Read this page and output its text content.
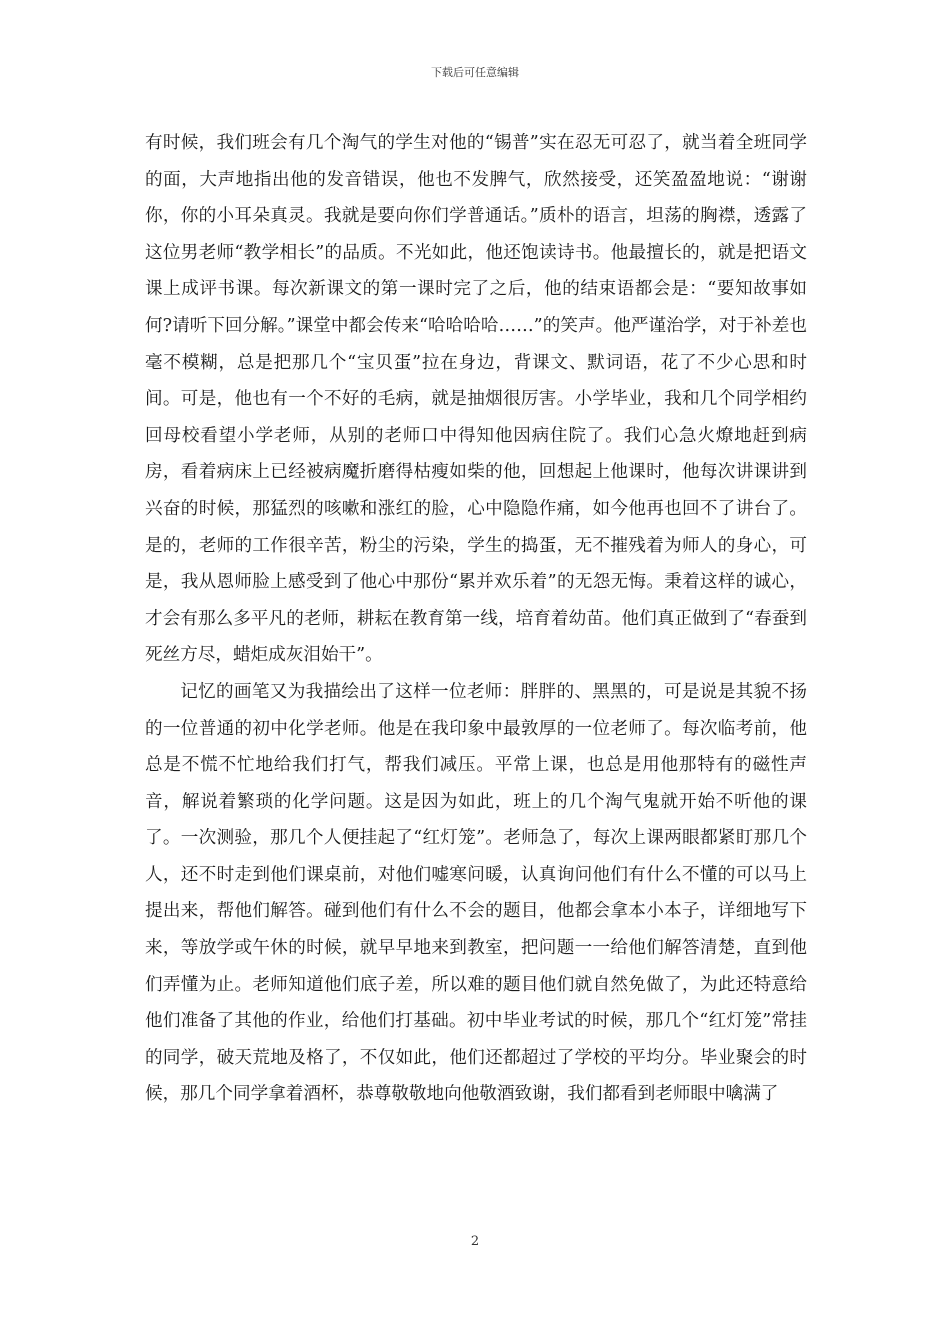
下载后可任意编辑

有时候，我们班会有几个淘气的学生对他的“锡普”实在忍无可忍了，就当着全班同学的面，大声地指出他的发音错误，他也不发脾气，欣然接受，还笑盈盈地说：“谢谢你，你的小耳朵真灵。我就是要向你们学普通话。”质朴的语言，坦荡的胸襟，透露了这位男老师“教学相长”的品质。不光如此，他还饱读诗书。他最擅长的，就是把语文课上成评书课。每次新课文的第一课时完了之后，他的结束语都会是：“要知故事如何?请听下回分解。”课堂中都会传来“哈哈哈哈……”的笑声。他严谨治学，对于补差也毫不模糊，总是把那几个“宝贝蛋”拉在身边，背课文、默词语，花了不少心思和时间。可是，他也有一个不好的毛病，就是抽烟很厉害。小学毕业，我和几个同学相约回母校看望小学老师，从别的老师口中得知他因病住院了。我们心急火燎地赶到病房，看着病床上已经被病魔折磨得枯瘦如柴的他，回想起上他课时，他每次讲课讲到兴奋的时候，那猛烈的咳嗽和涨红的脸，心中隐隐作痛，如今他再也回不了讲台了。是的，老师的工作很辛苦，粉尘的污染，学生的捣蛋，无不摧残着为师人的身心，可是，我从恩师脸上感受到了他心中那份“累并欢乐着”的无怨无悔。秉着这样的诚心，才会有那么多平凡的老师，耕耘在教育第一线，培育着幼苗。他们真正做到了“春蚕到死丝方尽，蜡炬成灰泪始干”。

记忆的画笔又为我描绘出了这样一位老师：胖胖的、黑黑的，可是说是其貌不扬的一位普通的初中化学老师。他是在我印象中最敦厚的一位老师了。每次临考前，他总是不慌不忙地给我们打气，帮我们减压。平常上课，也总是用他那特有的磁性声音，解说着繁琐的化学问题。这是因为如此，班上的几个淘气鬼就开始不听他的课了。一次测验，那几个人便挂起了“红灯笼”。老师急了，每次上课两眼都紧盯那几个人，还不时走到他们课桌前，对他们嘘寒问暖，认真询问他们有什么不懂的可以马上提出来，帮他们解答。碰到他们有什么不会的题目，他都会拿本小本子，详细地写下来，等放学或午休的时候，就早早地来到教室，把问题一一给他们解答清楚，直到他们弄懂为止。老师知道他们底子差，所以难的题目他们就自然免做了，为此还特意给他们准备了其他的作业，给他们打基础。初中毕业考试的时候，那几个“红灯笼”常挂的同学，破天荒地及格了，不仅如此，他们还都超过了学校的平均分。毕业聚会的时候，那几个同学拿着酒杯，恭尊敬敬地向他敬酒致谢，我们都看到老师眼中噙满了

2
